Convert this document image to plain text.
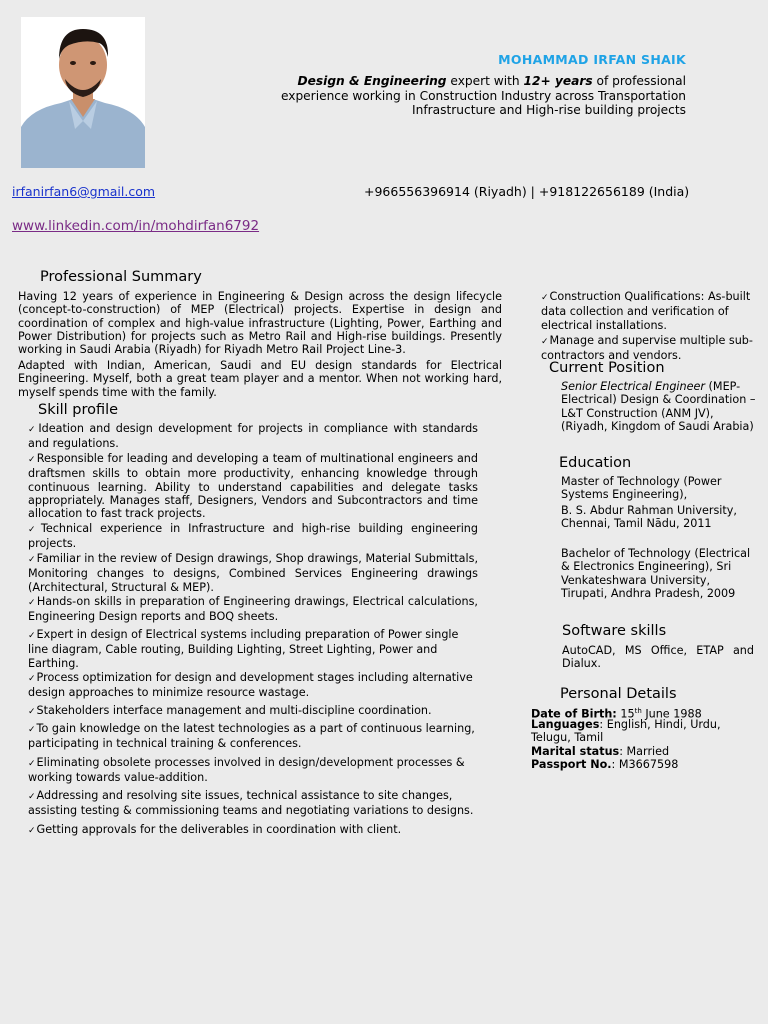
MOHAMMAD IRFAN SHAIK
Design & Engineering expert with 12+ years of professional experience working in Construction Industry across Transportation Infrastructure and High-rise building projects
irfanirfan6@gmail.com	+966556396914 (Riyadh) | +918122656189 (India)
www.linkedin.com/in/mohdirfan6792
Professional Summary
Having 12 years of experience in Engineering & Design across the design lifecycle (concept-to-construction) of MEP (Electrical) projects. Expertise in design and coordination of complex and high-value infrastructure (Lighting, Power, Earthing and Power Distribution) for projects such as Metro Rail and High-rise buildings. Presently working in Saudi Arabia (Riyadh) for Riyadh Metro Rail Project Line-3.
Adapted with Indian, American, Saudi and EU design standards for Electrical Engineering. Myself, both a great team player and a mentor. When not working hard, myself spends time with the family.
Skill profile
✓Ideation and design development for projects in compliance with standards and regulations.
✓Responsible for leading and developing a team of multinational engineers and draftsmen skills to obtain more productivity, enhancing knowledge through continuous learning. Ability to understand capabilities and delegate tasks appropriately. Manages staff, Designers, Vendors and Subcontractors and time allocation to fast track projects.
✓Technical experience in Infrastructure and high-rise building engineering projects.
✓Familiar in the review of Design drawings, Shop drawings, Material Submittals, Monitoring changes to designs, Combined Services Engineering drawings (Architectural, Structural & MEP).
✓Hands-on skills in preparation of Engineering drawings, Electrical calculations, Engineering Design reports and BOQ sheets.
✓Expert in design of Electrical systems including preparation of Power single line diagram, Cable routing, Building Lighting, Street Lighting, Power and Earthing.
✓Process optimization for design and development stages including alternative design approaches to minimize resource wastage.
✓Stakeholders interface management and multi-discipline coordination.
✓To gain knowledge on the latest technologies as a part of continuous learning, participating in technical training & conferences.
✓Eliminating obsolete processes involved in design/development processes & working towards value-addition.
✓Addressing and resolving site issues, technical assistance to site changes, assisting testing & commissioning teams and negotiating variations to designs.
✓Getting approvals for the deliverables in coordination with client.
✓Construction Qualifications: As-built data collection and verification of electrical installations.
✓Manage and supervise multiple sub-contractors and vendors.
Current Position
Senior Electrical Engineer (MEP-Electrical) Design & Coordination – L&T Construction (ANM JV), (Riyadh, Kingdom of Saudi Arabia)
Education
Master of Technology (Power Systems Engineering),
B. S. Abdur Rahman University, Chennai, Tamil Nādu, 2011
Bachelor of Technology (Electrical & Electronics Engineering), Sri Venkateshwara University, Tirupati, Andhra Pradesh, 2009
Software skills
AutoCAD, MS Office, ETAP and Dialux.
Personal Details
Date of Birth: 15th June 1988
Languages: English, Hindi, Urdu, Telugu, Tamil
Marital status: Married
Passport No.: M3667598
